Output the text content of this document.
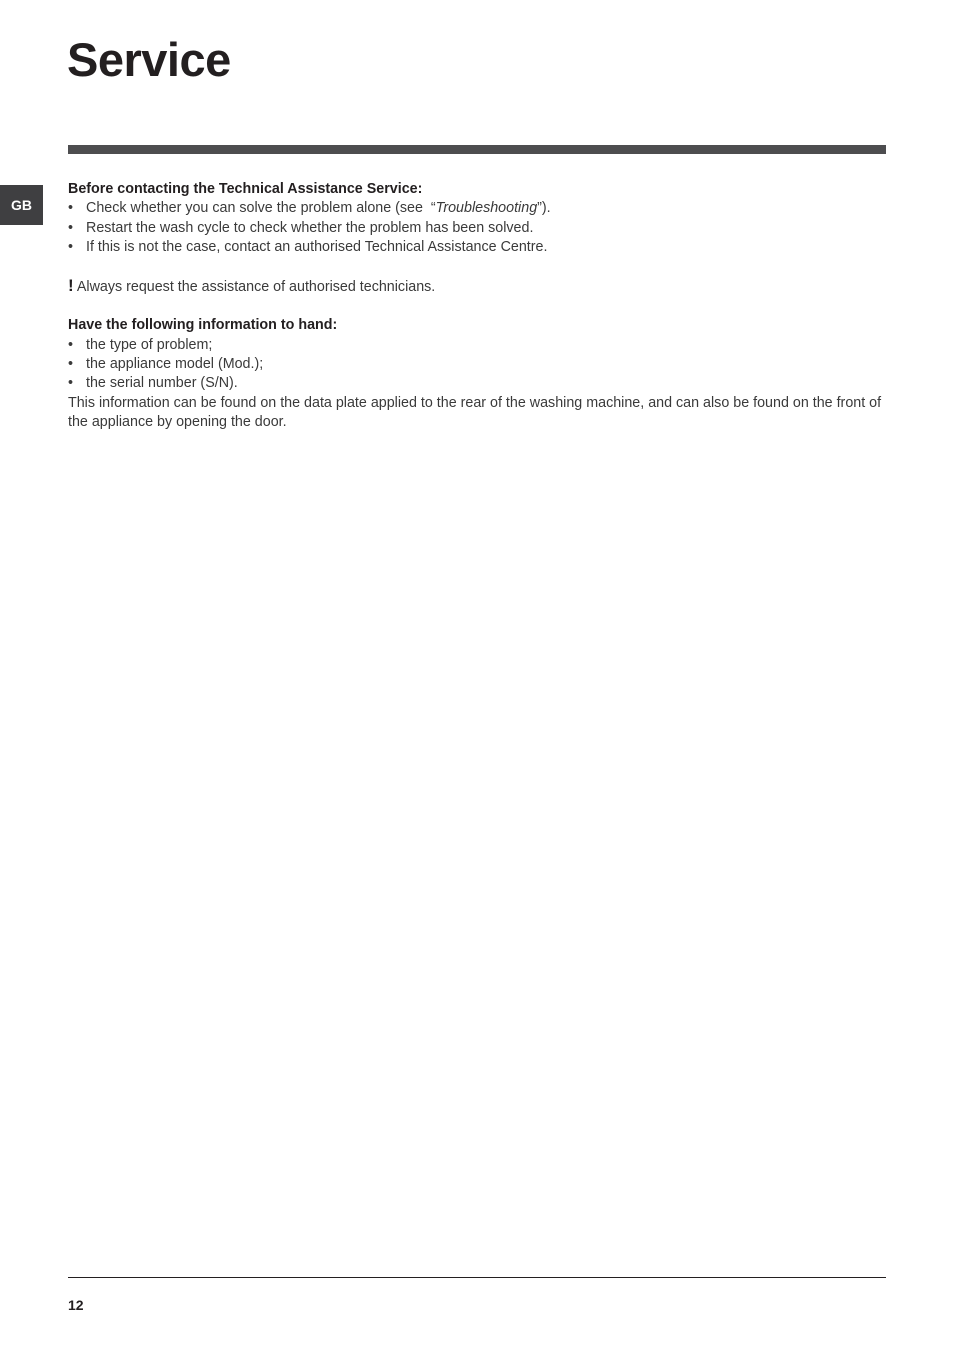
Service
GB

Before contacting the Technical Assistance Service:

• Check whether you can solve the problem alone (see  “Troubleshooting”).
• Restart the wash cycle to check whether the problem has been solved.
• If this is not the case, contact an authorised Technical Assistance Centre.

! Always request the assistance of authorised technicians.

Have the following information to hand:

• the type of problem;
• the appliance model (Mod.);
• the serial number (S/N).

This information can be found on the data plate applied to the rear of the washing machine, and can also be found on the front of the appliance by opening the door.

12
